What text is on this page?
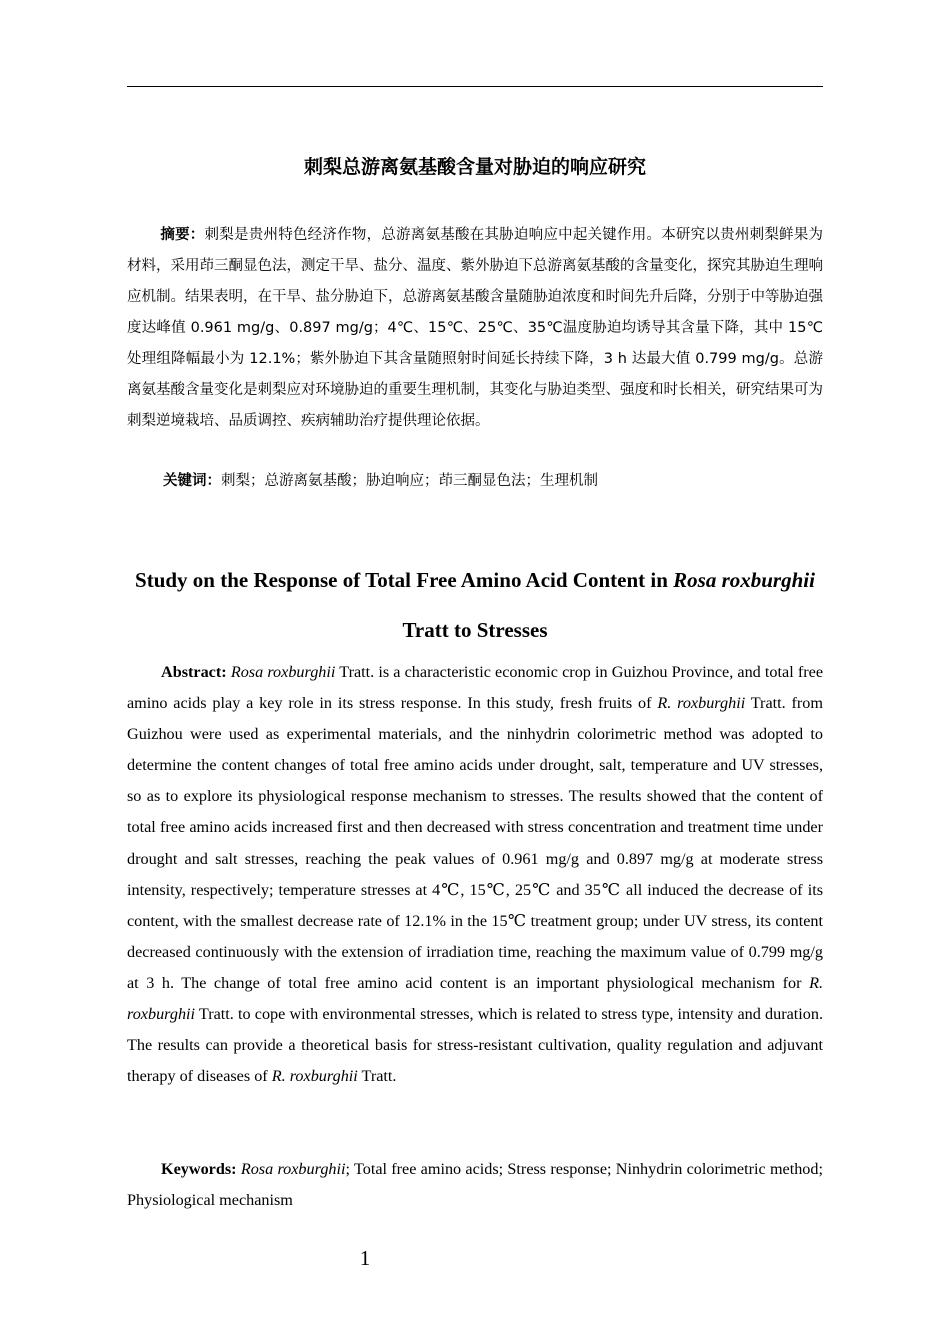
刺梨总游离氨基酸含量对胁迫的响应研究
摘要：刺梨是贵州特色经济作物，总游离氨基酸在其胁迫响应中起关键作用。本研究以贵州刺梨鲜果为材料，采用茚三酮显色法，测定干旱、盐分、温度、紫外胁迫下总游离氨基酸的含量变化，探究其胁迫生理响应机制。结果表明，在干旱、盐分胁迫下，总游离氨基酸含量随胁迫浓度和时间先升后降，分别于中等胁迫强度达峰值 0.961 mg/g、0.897 mg/g；4℃、15℃、25℃、35℃温度胁迫均诱导其含量下降，其中 15℃处理组降幅最小为 12.1%；紫外胁迫下其含量随照射时间延长持续下降，3 h 达最大值 0.799 mg/g。总游离氨基酸含量变化是刺梨应对环境胁迫的重要生理机制，其变化与胁迫类型、强度和时长相关，研究结果可为刺梨逆境栽培、品质调控、疾病辅助治疗提供理论依据。
关键词：刺梨；总游离氨基酸；胁迫响应；茚三酮显色法；生理机制
Study on the Response of Total Free Amino Acid Content in Rosa roxburghii Tratt to Stresses
Abstract: Rosa roxburghii Tratt. is a characteristic economic crop in Guizhou Province, and total free amino acids play a key role in its stress response. In this study, fresh fruits of R. roxburghii Tratt. from Guizhou were used as experimental materials, and the ninhydrin colorimetric method was adopted to determine the content changes of total free amino acids under drought, salt, temperature and UV stresses, so as to explore its physiological response mechanism to stresses. The results showed that the content of total free amino acids increased first and then decreased with stress concentration and treatment time under drought and salt stresses, reaching the peak values of 0.961 mg/g and 0.897 mg/g at moderate stress intensity, respectively; temperature stresses at 4℃, 15℃, 25℃ and 35℃ all induced the decrease of its content, with the smallest decrease rate of 12.1% in the 15℃ treatment group; under UV stress, its content decreased continuously with the extension of irradiation time, reaching the maximum value of 0.799 mg/g at 3 h. The change of total free amino acid content is an important physiological mechanism for R. roxburghii Tratt. to cope with environmental stresses, which is related to stress type, intensity and duration. The results can provide a theoretical basis for stress-resistant cultivation, quality regulation and adjuvant therapy of diseases of R. roxburghii Tratt.
Keywords: Rosa roxburghii; Total free amino acids; Stress response; Ninhydrin colorimetric method; Physiological mechanism
1
